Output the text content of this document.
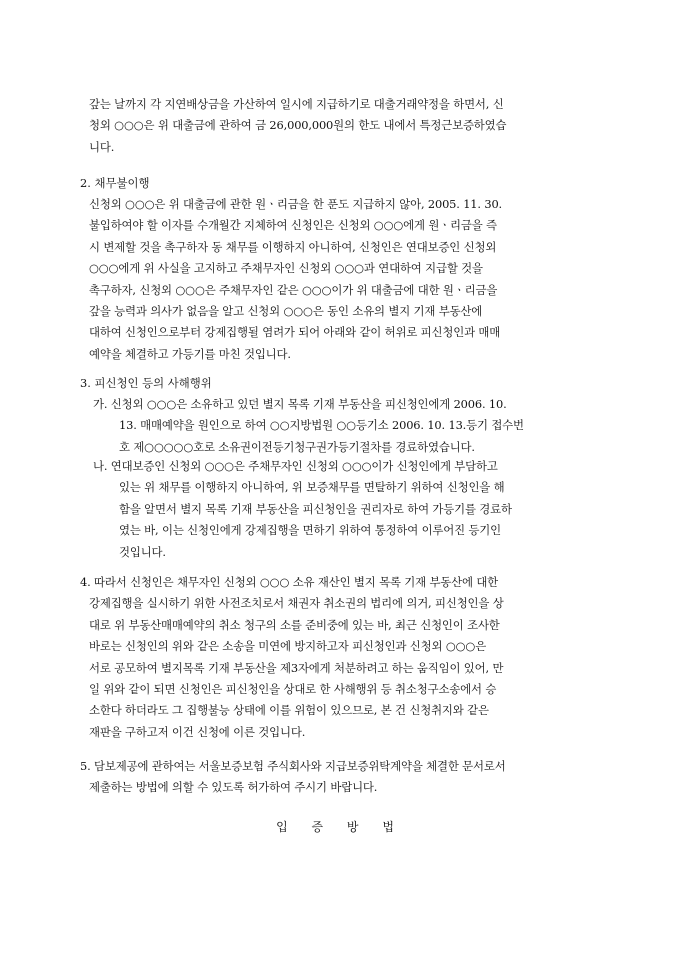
갚는 날까지 각 지연배상금을 가산하여 일시에 지급하기로 대출거래약정을 하면서, 신
청외 ○○○은 위 대출금에 관하여 금 26,000,000원의 한도 내에서 특정근보증하였습
니다.
2. 채무불이행
신청외 ○○○은 위 대출금에 관한 원ㆍ리금을 한 푼도 지급하지 않아, 2005. 11. 30.
불입하여야 할 이자를 수개월간 지체하여 신청인은 신청외 ○○○에게 원ㆍ리금을 즉
시 변제할 것을 촉구하자 동 채무를 이행하지 아니하여, 신청인은 연대보증인 신청외
○○○에게 위 사실을 고지하고 주채무자인 신청외 ○○○과 연대하여 지급할 것을
촉구하자, 신청외 ○○○은 주채무자인 같은 ○○○이가 위 대출금에 대한 원ㆍ리금을
갚을 능력과 의사가 없음을 알고 신청외 ○○○은 동인 소유의 별지 기재 부동산에
대하여 신청인으로부터 강제집행될 염려가 되어 아래와 같이 허위로 피신청인과 매매
예약을 체결하고 가등기를 마친 것입니다.
3. 피신청인 등의 사해행위
가. 신청외 ○○○은 소유하고 있던 별지 목록 기재 부동산을 피신청인에게 2006. 10.
13. 매매예약을 원인으로 하여 ○○지방법원 ○○등기소 2006. 10. 13.등기 접수번
호 제○○○○○호로 소유권이전등기청구권가등기절차를 경료하였습니다.
나. 연대보증인 신청외 ○○○은 주채무자인 신청외 ○○○이가 신청인에게 부담하고
있는 위 채무를 이행하지 아니하여, 위 보증채무를 면탈하기 위하여 신청인을 해
함을 알면서 별지 목록 기재 부동산을 피신청인을 권리자로 하여 가등기를 경료하
였는 바, 이는 신청인에게 강제집행을 면하기 위하여 통정하여 이루어진 등기인
것입니다.
4. 따라서 신청인은 채무자인 신청외 ○○○ 소유 재산인 별지 목록 기재 부동산에 대한
강제집행을 실시하기 위한 사전조치로서 채권자 취소권의 법리에 의거, 피신청인을 상
대로 위 부동산매매예약의 취소 청구의 소를 준비중에 있는 바, 최근 신청인이 조사한
바로는 신청인의 위와 같은 소송을 미연에 방지하고자 피신청인과 신청외 ○○○은
서로 공모하여 별지목록 기재 부동산을 제3자에게 처분하려고 하는 움직임이 있어, 만
일 위와 같이 되면 신청인은 피신청인을 상대로 한 사해행위 등 취소청구소송에서 승
소한다 하더라도 그 집행불능 상태에 이를 위험이 있으므로, 본 건 신청취지와 같은
재판을 구하고저 이건 신청에 이른 것입니다.
5. 담보제공에 관하여는 서울보증보험 주식회사와 지급보증위탁계약을 체결한 문서로서
제출하는 방법에 의할 수 있도록 허가하여 주시기 바랍니다.
입 증 방 법
